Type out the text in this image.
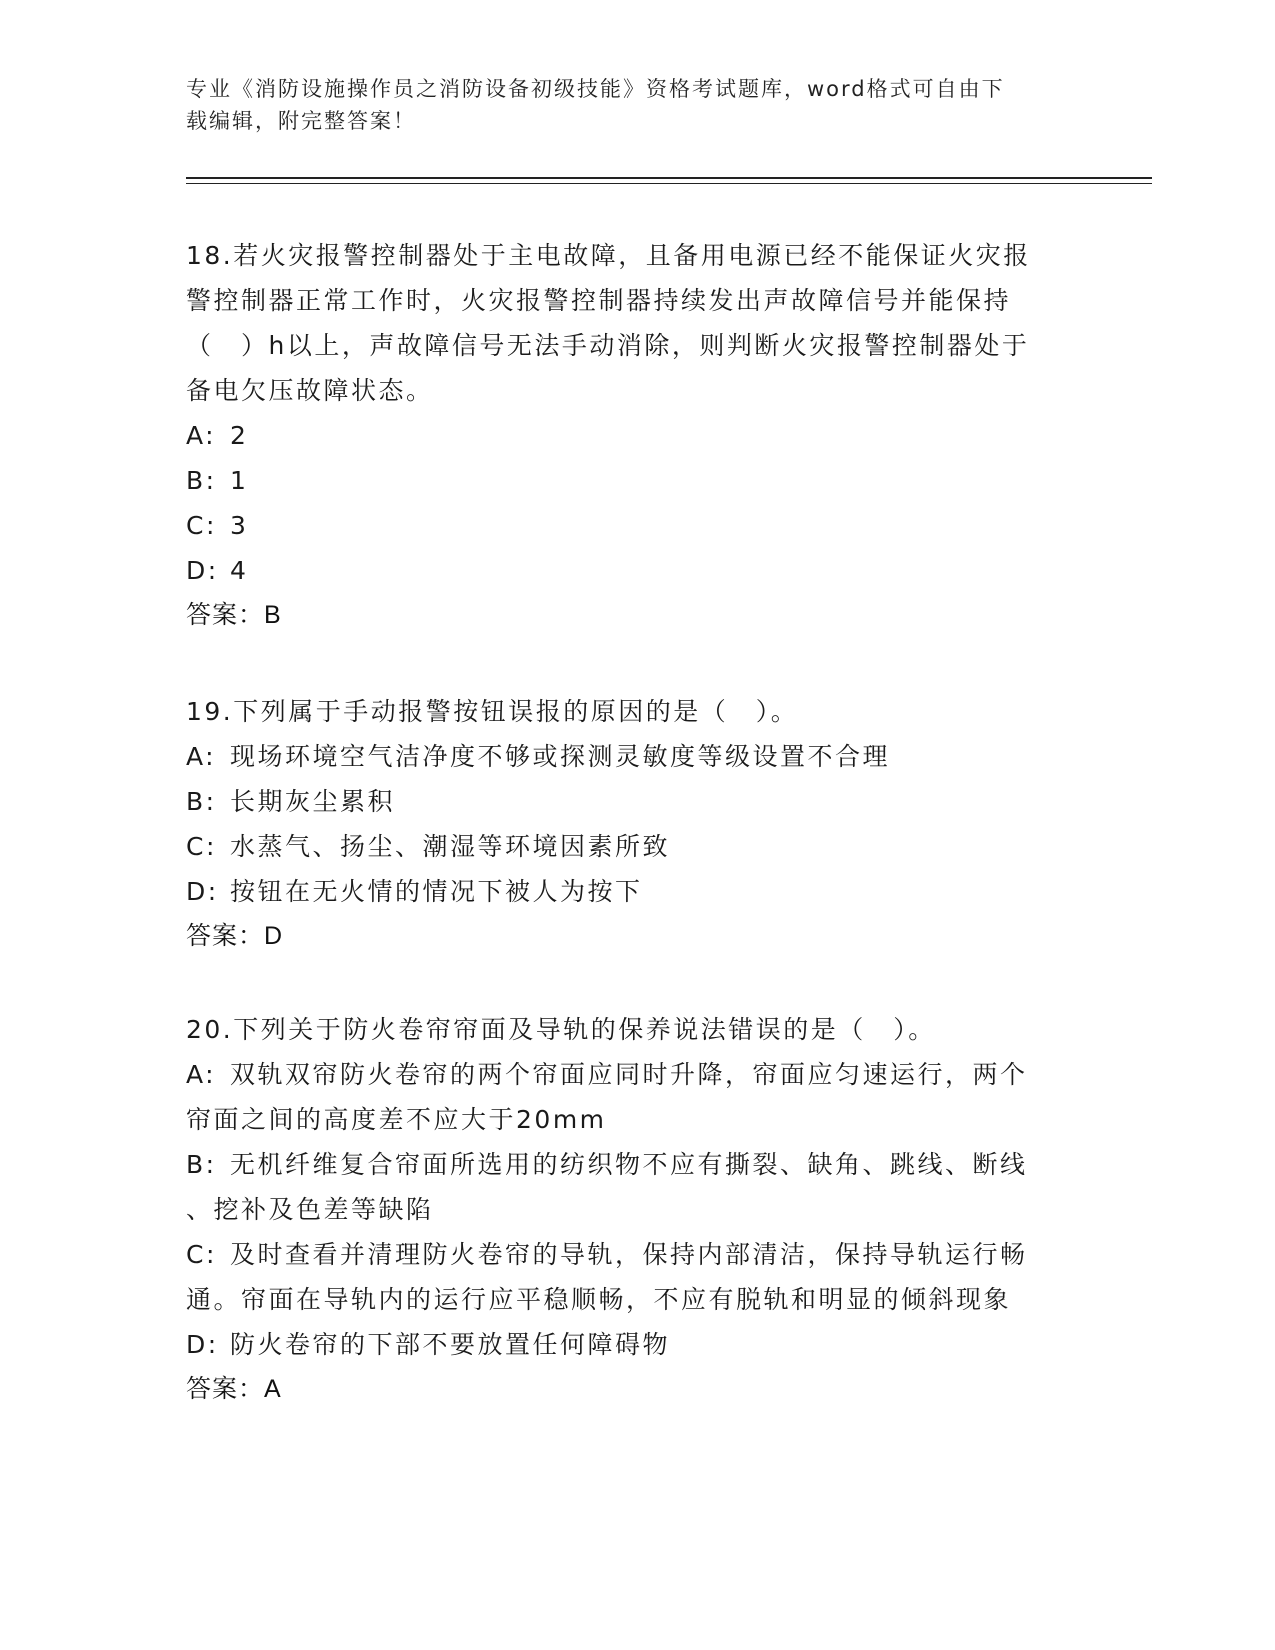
专业《消防设施操作员之消防设备初级技能》资格考试题库，word格式可自由下
载编辑，附完整答案！
18.若火灾报警控制器处于主电故障，且备用电源已经不能保证火灾报
警控制器正常工作时，火灾报警控制器持续发出声故障信号并能保持
（　）h以上，声故障信号无法手动消除，则判断火灾报警控制器处于
备电欠压故障状态。
A: 2
B: 1
C: 3
D: 4
答案：B
19.下列属于手动报警按钮误报的原因的是（　）。
A: 现场环境空气洁净度不够或探测灵敏度等级设置不合理
B: 长期灰尘累积
C: 水蒸气、扬尘、潮湿等环境因素所致
D: 按钮在无火情的情况下被人为按下
答案：D
20.下列关于防火卷帘帘面及导轨的保养说法错误的是（　）。
A: 双轨双帘防火卷帘的两个帘面应同时升降，帘面应匀速运行，两个
帘面之间的高度差不应大于20mm
B: 无机纤维复合帘面所选用的纺织物不应有撕裂、缺角、跳线、断线
、挖补及色差等缺陷
C: 及时查看并清理防火卷帘的导轨，保持内部清洁，保持导轨运行畅
通。帘面在导轨内的运行应平稳顺畅，不应有脱轨和明显的倾斜现象
D: 防火卷帘的下部不要放置任何障碍物
答案：A
